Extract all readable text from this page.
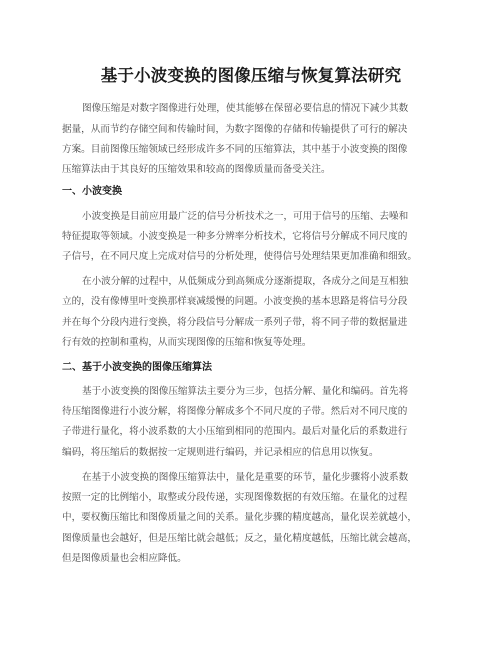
基于小波变换的图像压缩与恢复算法研究
图像压缩是对数字图像进行处理，使其能够在保留必要信息的情况下减少其数
据量，从而节约存储空间和传输时间，为数字图像的存储和传输提供了可行的解决
方案。目前图像压缩领域已经形成许多不同的压缩算法，其中基于小波变换的图像
压缩算法由于其良好的压缩效果和较高的图像质量而备受关注。
一、小波变换
小波变换是目前应用最广泛的信号分析技术之一，可用于信号的压缩、去噪和
特征提取等领域。小波变换是一种多分辨率分析技术，它将信号分解成不同尺度的
子信号，在不同尺度上完成对信号的分析处理，使得信号处理结果更加准确和细致。
在小波分解的过程中，从低频成分到高频成分逐渐提取，各成分之间是互相独
立的，没有像傅里叶变换那样衰减缓慢的问题。小波变换的基本思路是将信号分段
并在每个分段内进行变换，将分段信号分解成一系列子带，将不同子带的数据量进
行有效的控制和重构，从而实现图像的压缩和恢复等处理。
二、基于小波变换的图像压缩算法
基于小波变换的图像压缩算法主要分为三步，包括分解、量化和编码。首先将
待压缩图像进行小波分解，将图像分解成多个不同尺度的子带。然后对不同尺度的
子带进行量化，将小波系数的大小压缩到相同的范围内。最后对量化后的系数进行
编码，将压缩后的数据按一定规则进行编码，并记录相应的信息用以恢复。
在基于小波变换的图像压缩算法中，量化是重要的环节，量化步骤将小波系数
按照一定的比例缩小，取整或分段传递，实现图像数据的有效压缩。在量化的过程
中，要权衡压缩比和图像质量之间的关系。量化步骤的精度越高，量化误差就越小，
图像质量也会越好，但是压缩比就会越低；反之，量化精度越低，压缩比就会越高，
但是图像质量也会相应降低。
